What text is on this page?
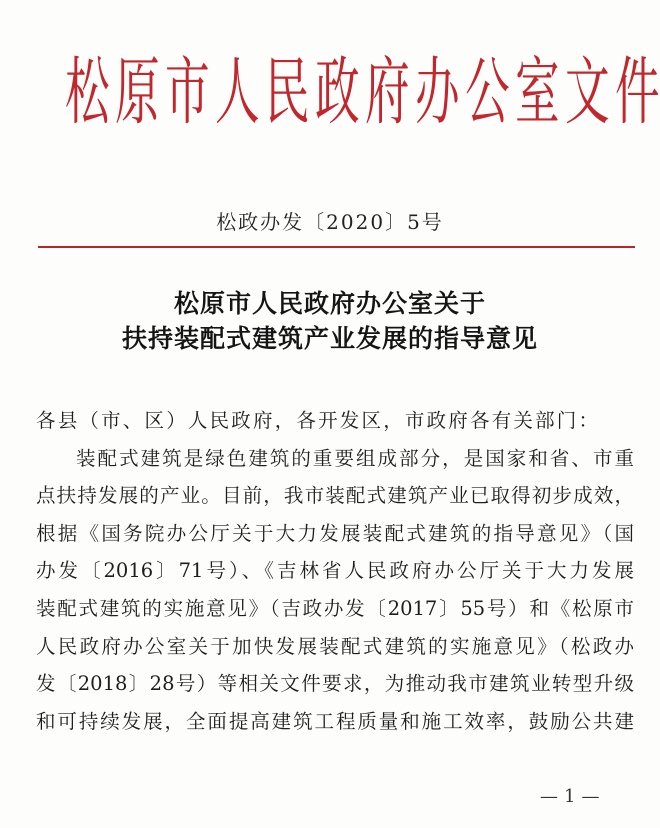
松 原 市 人 民 政 府 办 公 室 文 件
松政办发〔2020〕5号
松原市人民政府办公室关于
扶持装配式建筑产业发展的指导意见
各县（市、区）人民政府，各开发区，市政府各有关部门：
装配式建筑是绿色建筑的重要组成部分，是国家和省、市重
点扶持发展的产业。目前，我市装配式建筑产业已取得初步成效，
根据《国务院办公厅关于大力发展装配式建筑的指导意见》（国
办发〔2016〕71号）、《吉林省人民政府办公厅关于大力发展
装配式建筑的实施意见》（吉政办发〔2017〕55号）和《松原市
人民政府办公室关于加快发展装配式建筑的实施意见》（松政办
发〔2018〕28号）等相关文件要求，为推动我市建筑业转型升级
和可持续发展，全面提高建筑工程质量和施工效率，鼓励公共建
—1—
